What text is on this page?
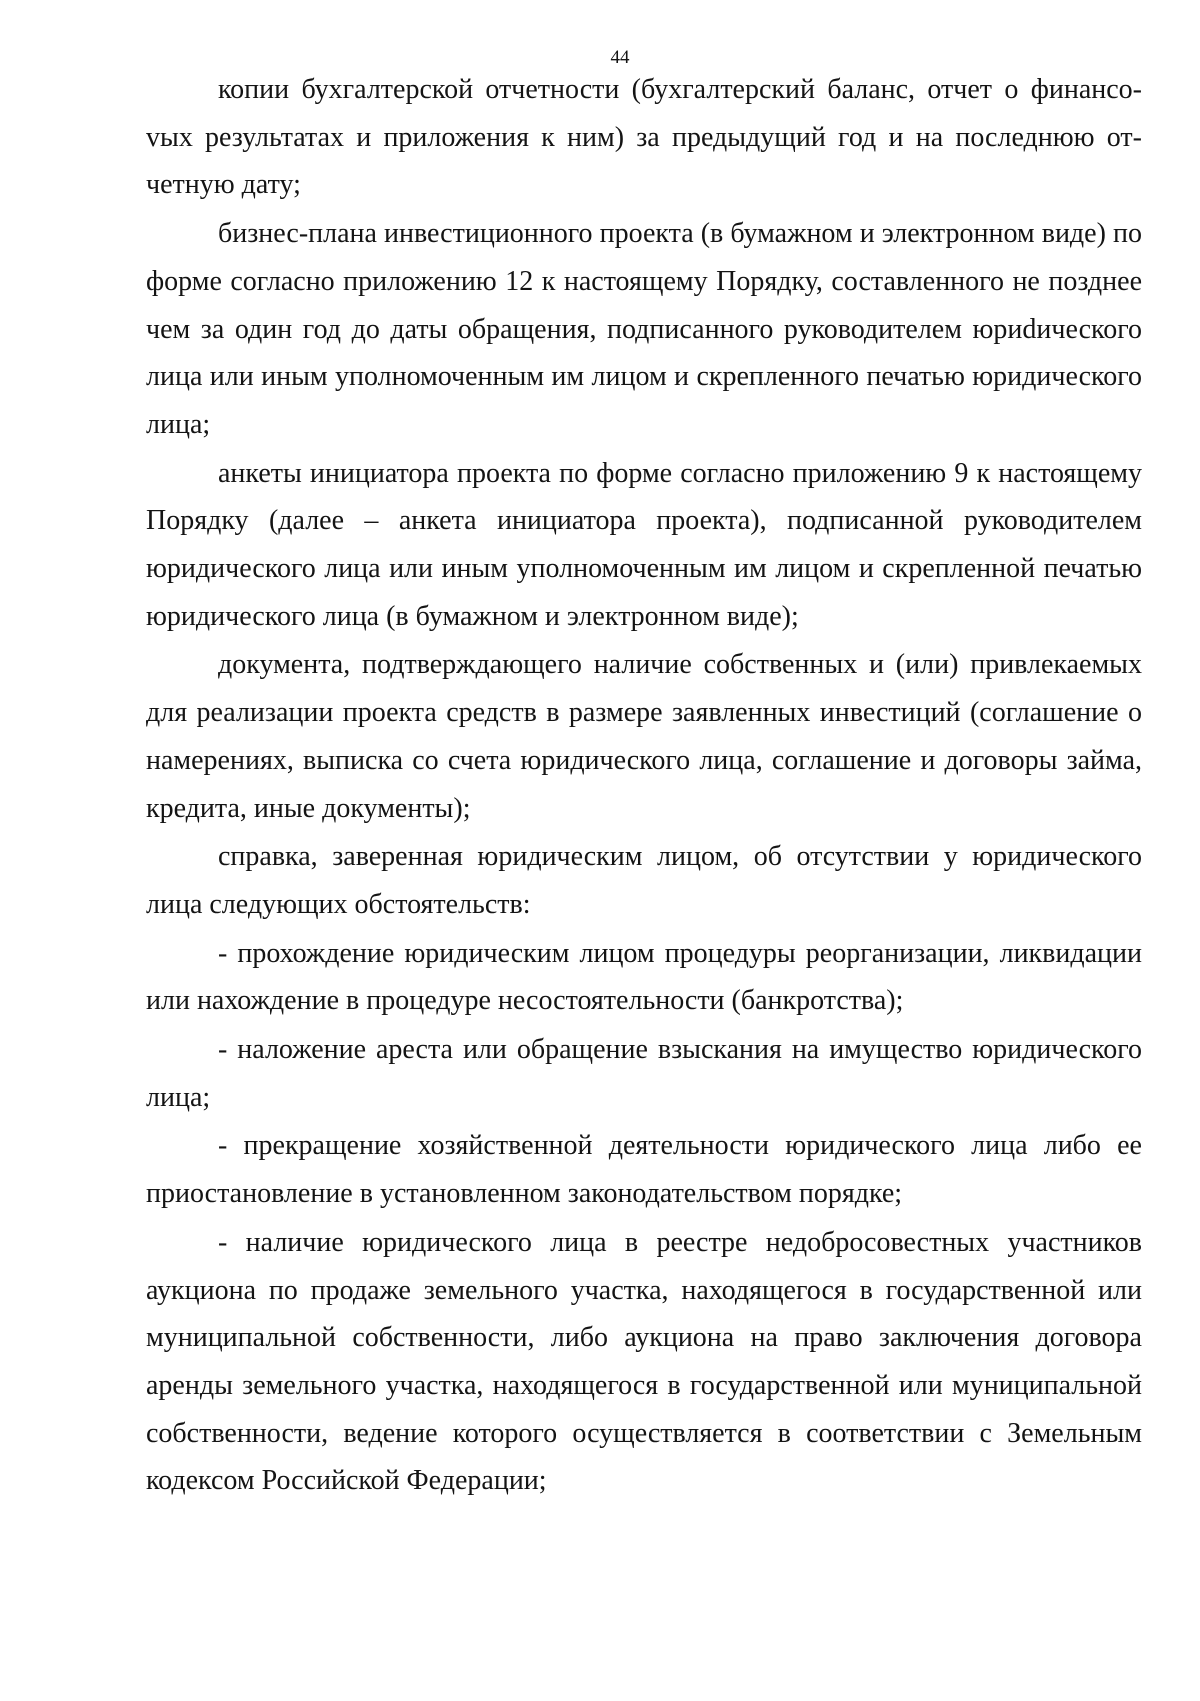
44

копии бухгалтерской отчетности (бухгалтерский баланс, отчет о финансоvых результатах и приложения к ним) за предыдущий год и на последнюю отчетную дату;

бизнес-плана инвестиционного проекта (в бумажном и электронном виде) по форме согласно приложению 12 к настоящему Порядку, составленного не позднее чем за один год до даты обращения, подписанного руководителем юриdического лица или иным уполномоченным им лицом и скрепленного печатью юридического лица;

анкеты инициатора проекта по форме согласно приложению 9 к настоящему Порядку (далее – анкета инициатора проекта), подписанной руководителем юридического лица или иным уполномоченным им лицом и скрепленной печатью юридического лица (в бумажном и электронном виде);

документа, подтверждающего наличие собственных и (или) привлекаемых для реализации проекта средств в размере заявленных инвестиций (соглашение о намерениях, выписка со счета юридического лица, соглашение и договоры займа, кредита, иные документы);

справка, заверенная юридическим лицом, об отсутствии у юридического лица следующих обстоятельств:

- прохождение юридическим лицом процедуры реорганизации, ликвидации или нахождение в процедуре несостоятельности (банкротства);

- наложение ареста или обращение взыскания на имущество юридического лица;

- прекращение хозяйственной деятельности юридического лица либо ее приостановление в установленном законодательством порядке;

- наличие юридического лица в реестре недобросовестных участников аукциона по продаже земельного участка, находящегося в государственной или муниципальной собственности, либо аукциона на право заключения договора аренды земельного участка, находящегося в государственной или муниципальной собственности, ведение которого осуществляется в соответствии с Земельным кодексом Российской Федерации;
